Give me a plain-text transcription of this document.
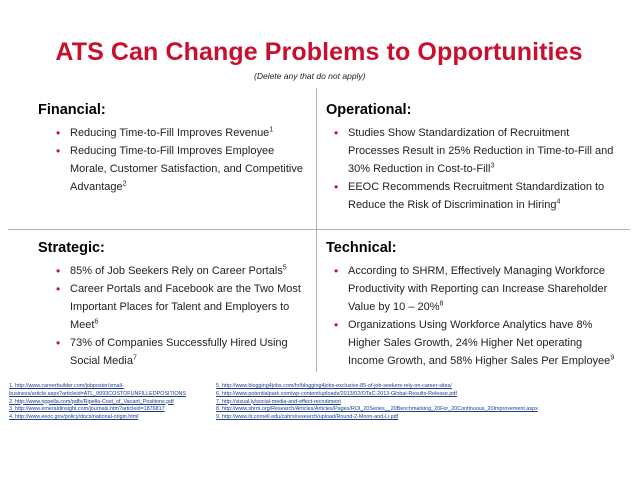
ATS Can Change Problems to Opportunities
(Delete any that do not apply)
Financial:
• Reducing Time-to-Fill Improves Revenue$^1$
• Reducing Time-to-Fill Improves Employee Morale, Customer Satisfaction, and Competitive Advantage$^2$
Operational:
• Studies Show Standardization of Recruitment Processes Result in 25% Reduction in Time-to-Fill and 30% Reduction in Cost-to-Fill$^3$
• EEOC Recommends Recruitment Standardization to Reduce the Risk of Discrimination in Hiring$^4$
Strategic:
• 85% of Job Seekers Rely on Career Portals$^5$
• Career Portals and Facebook are the Two Most Important Places for Talent and Employers to Meet$^6$
• 73% of Companies Successfully Hired Using Social Media$^7$
Technical:
• According to SHRM, Effectively Managing Workforce Productivity with Reporting can Increase Shareholder Value by 10 – 20%$^8$
• Organizations Using Workforce Analytics have 8% Higher Sales Growth, 24% Higher Net operating Income Growth, and 58% Higher Sales Per Employee$^9$
1. http://www.careerbuilder.com/jobposter/small-
business/article.aspx?articleid=ATL_0093COSTOFUNFILLEDPOSITIONS
2. http://www.rippella.com/pdfs/Ripella-Cost_of_Vacant_Positions.pdf
3. http://www.emeraldinsight.com/journals.htm?articleid=1876817
4. http://www.eeoc.gov/policy/docs/national-origin.html
5. http://www.blogging4jobs.com/hr/blogging4jobs-exclusive-85-of-job-seekers-rely-on-career-sites/
6. http://www.potentialpark.com/wp-content/uploads/2013/02/OTaC-2013-Global-Results-Release.pdf
7. http://visual.ly/social-media-and-effect-recruitment
8. http://www.shrm.org/Research/Articles/Articles/Pages/ROI_20Series__20Benchmarking_20For_20Continuous_20Improvement.aspx
9. http://www.ilr.cornell.edu/cahrs/research/upload/Round-2-Moon-and-Li.pdf
